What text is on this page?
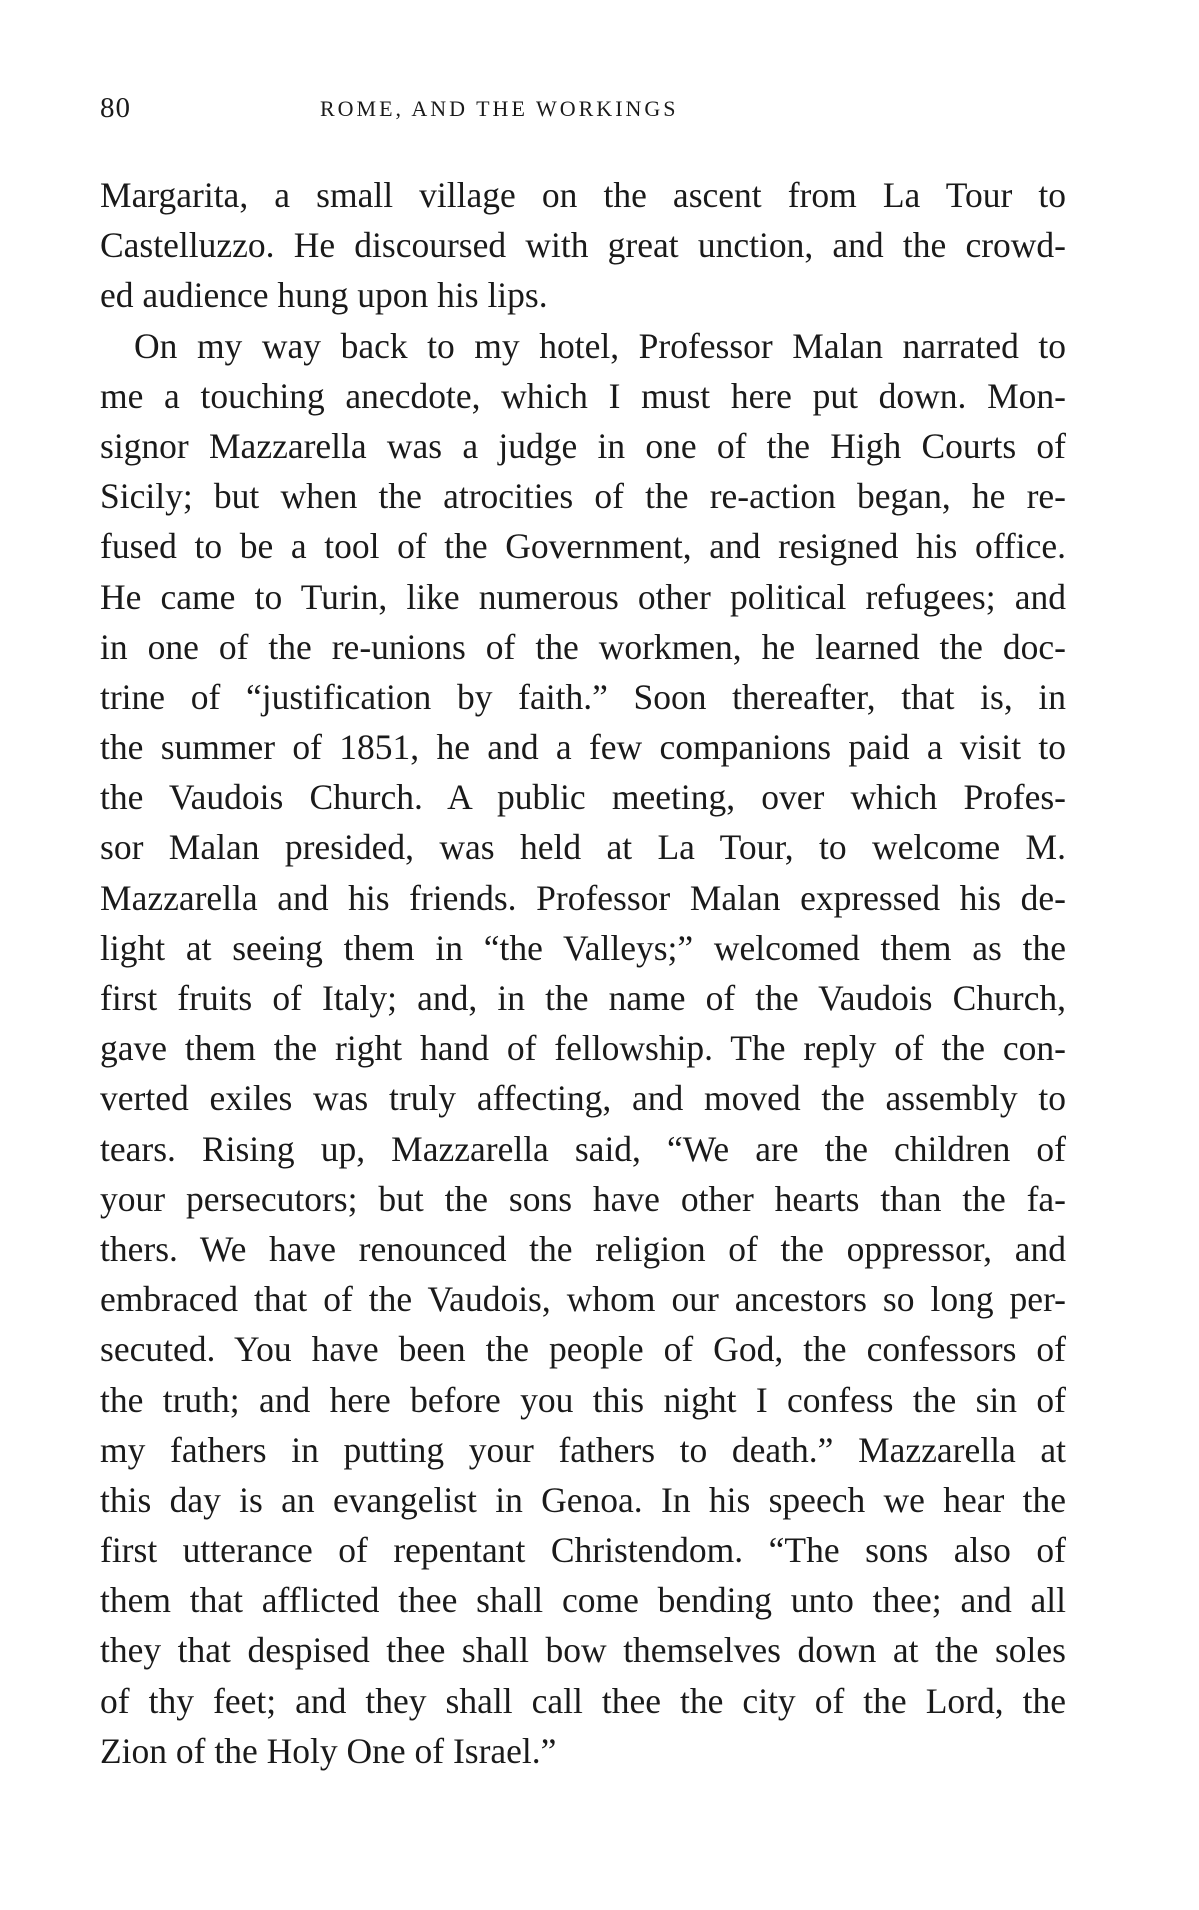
80	ROME, AND THE WORKINGS
Margarita, a small village on the ascent from La Tour to
Castelluzzo. He discoursed with great unction, and the crowd-
ed audience hung upon his lips.
On my way back to my hotel, Professor Malan narrated to
me a touching anecdote, which I must here put down. Mon-
signor Mazzarella was a judge in one of the High Courts of
Sicily; but when the atrocities of the re-action began, he re-
fused to be a tool of the Government, and resigned his office.
He came to Turin, like numerous other political refugees; and
in one of the re-unions of the workmen, he learned the doc-
trine of “justification by faith.” Soon thereafter, that is, in
the summer of 1851, he and a few companions paid a visit to
the Vaudois Church. A public meeting, over which Profes-
sor Malan presided, was held at La Tour, to welcome M.
Mazzarella and his friends. Professor Malan expressed his de-
light at seeing them in “the Valleys;” welcomed them as the
first fruits of Italy; and, in the name of the Vaudois Church,
gave them the right hand of fellowship. The reply of the con-
verted exiles was truly affecting, and moved the assembly to
tears. Rising up, Mazzarella said, “We are the children of
your persecutors; but the sons have other hearts than the fa-
thers. We have renounced the religion of the oppressor, and
embraced that of the Vaudois, whom our ancestors so long per-
secuted. You have been the people of God, the confessors of
the truth; and here before you this night I confess the sin of
my fathers in putting your fathers to death.” Mazzarella at
this day is an evangelist in Genoa. In his speech we hear the
first utterance of repentant Christendom. “The sons also of
them that afflicted thee shall come bending unto thee; and all
they that despised thee shall bow themselves down at the soles
of thy feet; and they shall call thee the city of the Lord, the
Zion of the Holy One of Israel.”
